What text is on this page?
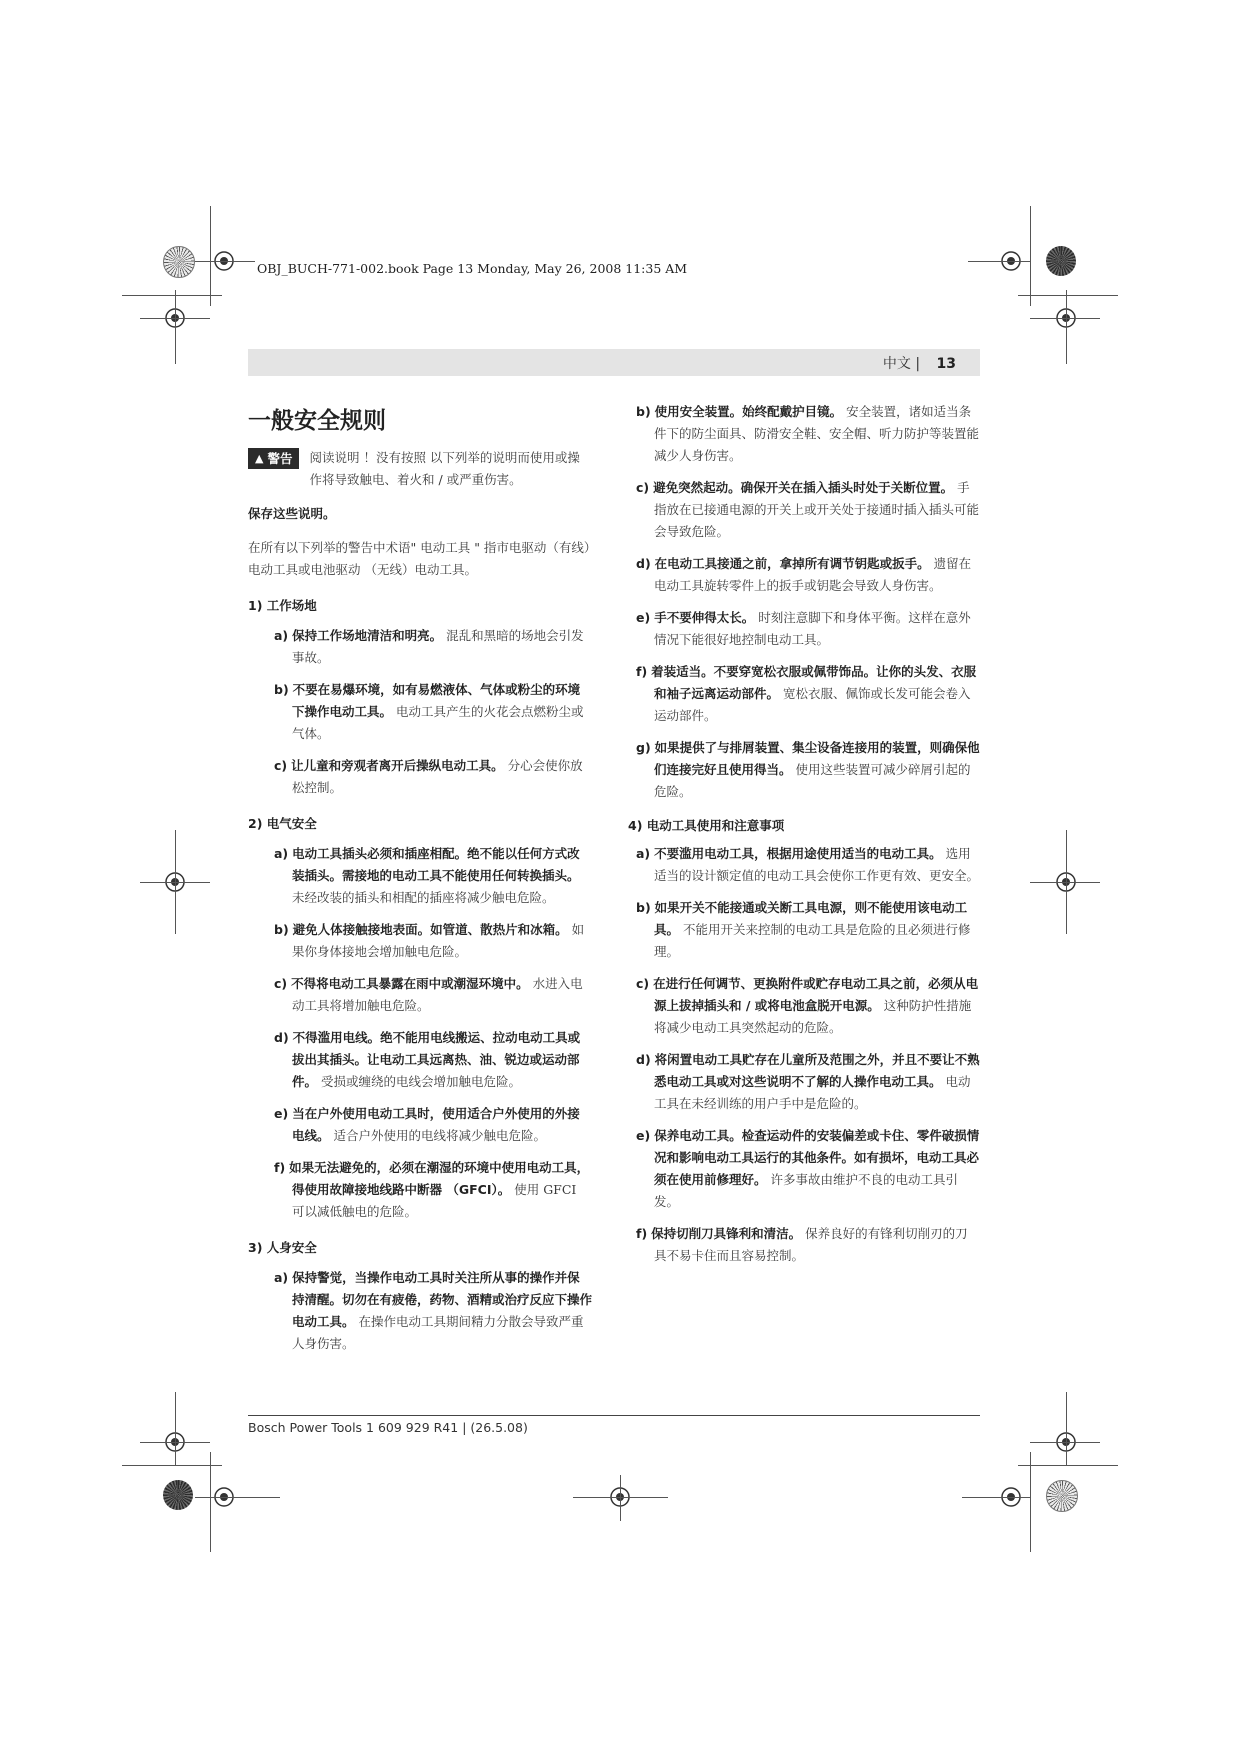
OBJ_BUCH-771-002.book Page 13 Monday, May 26, 2008 11:35 AM
中文 | 13
一般安全规则
▲ 警告 阅读说明 ！没有按照 以下列举的说明而使用或操作将导致触电、着火和 / 或严重伤害。

保存这些说明。

在所有以下列举的警告中术语" 电动工具 " 指市电驱动（有线）电动工具或电池驱动 （无线）电动工具。

1) 工作场地

a) 保持工作场地清洁和明亮。 混乱和黑暗的场地会引发事故。

b) 不要在易爆环境，如有易燃液体、气体或粉尘的环境下操作电动工具。 电动工具产生的火花会点燃粉尘或气体。

c) 让儿童和旁观者离开后操纵电动工具。 分心会使你放松控制。

2) 电气安全

a) 电动工具插头必须和插座相配。绝不能以任何方式改装插头。需接地的电动工具不能使用任何转换插头。 未经改装的插头和相配的插座将减少触电危险。

b) 避免人体接触接地表面。如管道、散热片和冰箱。 如果你身体接地会增加触电危险。

c) 不得将电动工具暴露在雨中或潮湿环境中。 水进入电动工具将增加触电危险。

d) 不得滥用电线。绝不能用电线搬运、拉动电动工具或拔出其插头。让电动工具远离热、油、锐边或运动部件。 受损或缠绕的电线会增加触电危险。

e) 当在户外使用电动工具时，使用适合户外使用的外接电线。 适合户外使用的电线将减少触电危险。

f) 如果无法避免的，必须在潮湿的环境中使用电动工具，得使用故障接地线路中断器 （GFCI）。 使用 GFCI 可以减低触电的危险。

3) 人身安全

a) 保持警觉，当操作电动工具时关注所从事的操作并保持清醒。切勿在有疲倦，药物、酒精或治疗反应下操作电动工具。 在操作电动工具期间精力分散会导致严重人身伤害。

b) 使用安全装置。始终配戴护目镜。 安全装置，诸如适当条件下的防尘面具、防滑安全鞋、安全帽、听力防护等装置能减少人身伤害。

c) 避免突然起动。确保开关在插入插头时处于关断位置。 手指放在已接通电源的开关上或开关处于接通时插入插头可能会导致危险。

d) 在电动工具接通之前，拿掉所有调节钥匙或扳手。 遗留在电动工具旋转零件上的扳手或钥匙会导致人身伤害。

e) 手不要伸得太长。 时刻注意脚下和身体平衡。这样在意外情况下能很好地控制电动工具。

f) 着装适当。不要穿宽松衣服或佩带饰品。让你的头发、衣服和袖子远离运动部件。 宽松衣服、佩饰或长发可能会卷入运动部件。

g) 如果提供了与排屑装置、集尘设备连接用的装置，则确保他们连接完好且使用得当。 使用这些装置可减少碎屑引起的危险。

4) 电动工具使用和注意事项

a) 不要滥用电动工具，根据用途使用适当的电动工具。 选用适当的设计额定值的电动工具会使你工作更有效、更安全。

b) 如果开关不能接通或关断工具电源，则不能使用该电动工具。 不能用开关来控制的电动工具是危险的且必须进行修理。

c) 在进行任何调节、更换附件或贮存电动工具之前，必须从电源上拔掉插头和 / 或将电池盒脱开电源。 这种防护性措施将减少电动工具突然起动的危险。

d) 将闲置电动工具贮存在儿童所及范围之外，并且不要让不熟悉电动工具或对这些说明不了解的人操作电动工具。 电动工具在未经训练的用户手中是危险的。

e) 保养电动工具。检查运动件的安装偏差或卡住、零件破损情况和影响电动工具运行的其他条件。如有损坏，电动工具必须在使用前修理好。 许多事故由维护不良的电动工具引发。

f) 保持切削刀具锋利和清洁。 保养良好的有锋利切削刃的刀具不易卡住而且容易控制。

Bosch Power Tools 1 609 929 R41 | (26.5.08)
